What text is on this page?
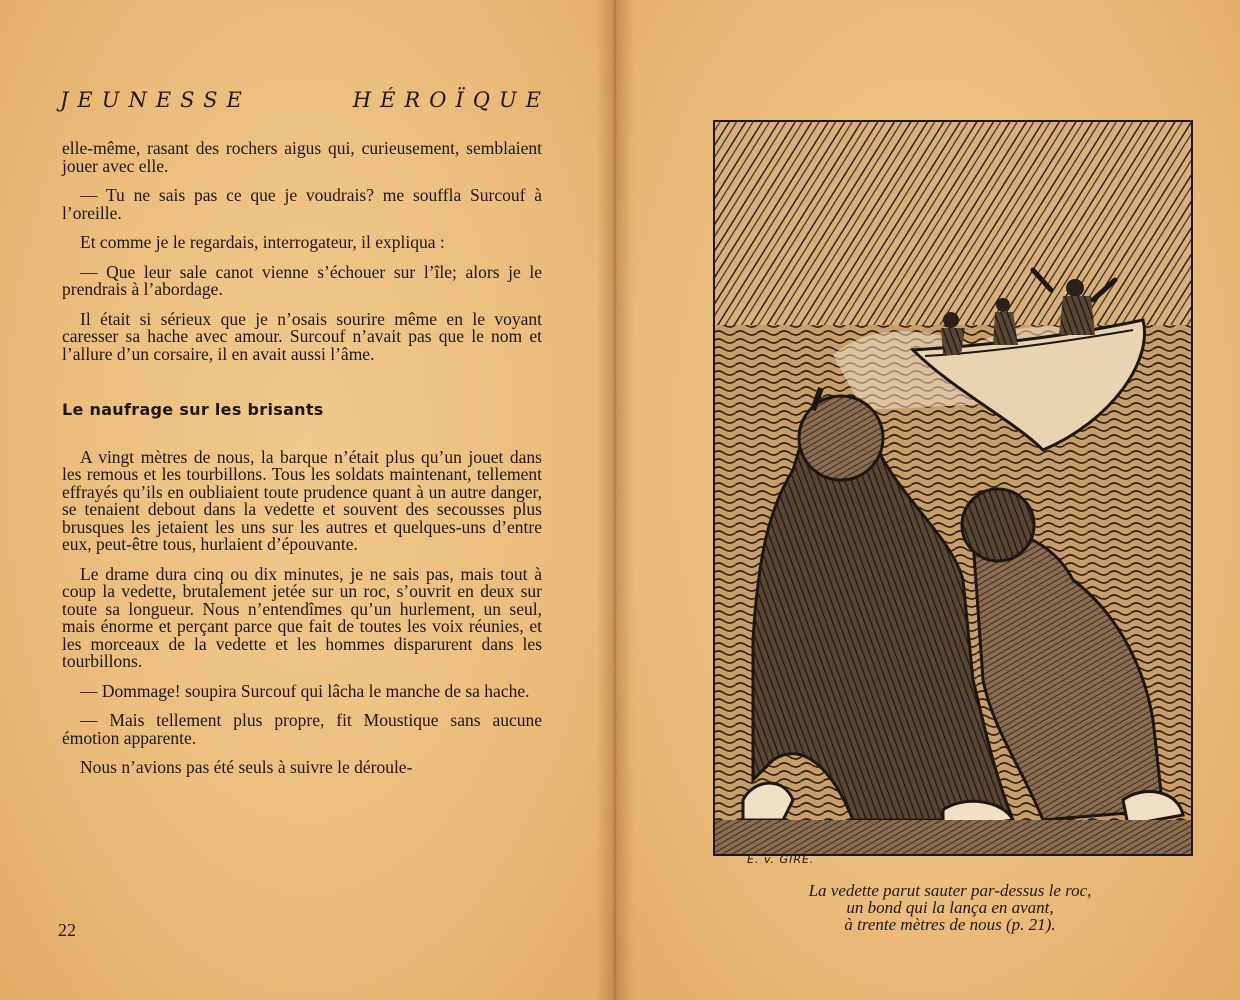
JEUNESSE	HÉROÏQUE

elle-même, rasant des rochers aigus qui, curieusement, semblaient jouer avec elle.

— Tu ne sais pas ce que je voudrais? me souffla Surcouf à l’oreille.

Et comme je le regardais, interrogateur, il expliqua :

— Que leur sale canot vienne s’échouer sur l’île; alors je le prendrais à l’abordage.

Il était si sérieux que je n’osais sourire même en le voyant caresser sa hache avec amour. Surcouf n’avait pas que le nom et l’allure d’un corsaire, il en avait aussi l’âme.

Le naufrage sur les brisants

A vingt mètres de nous, la barque n’était plus qu’un jouet dans les remous et les tourbillons. Tous les soldats maintenant, tellement effrayés qu’ils en oubliaient toute prudence quant à un autre danger, se tenaient debout dans la vedette et souvent des secousses plus brusques les jetaient les uns sur les autres et quelques-uns d’entre eux, peut-être tous, hurlaient d’épouvante.

Le drame dura cinq ou dix minutes, je ne sais pas, mais tout à coup la vedette, brutalement jetée sur un roc, s’ouvrit en deux sur toute sa longueur. Nous n’entendîmes qu’un hurlement, un seul, mais énorme et perçant parce que fait de toutes les voix réunies, et les morceaux de la vedette et les hommes disparurent dans les tourbillons.

— Dommage! soupira Surcouf qui lâcha le manche de sa hache.

— Mais tellement plus propre, fit Moustique sans aucune émotion apparente.

Nous n’avions pas été seuls à suivre le déroule-

22
E. v. GIRE.
La vedette parut sauter par-dessus le roc,
un bond qui la lança en avant,
à trente mètres de nous (p. 21).
